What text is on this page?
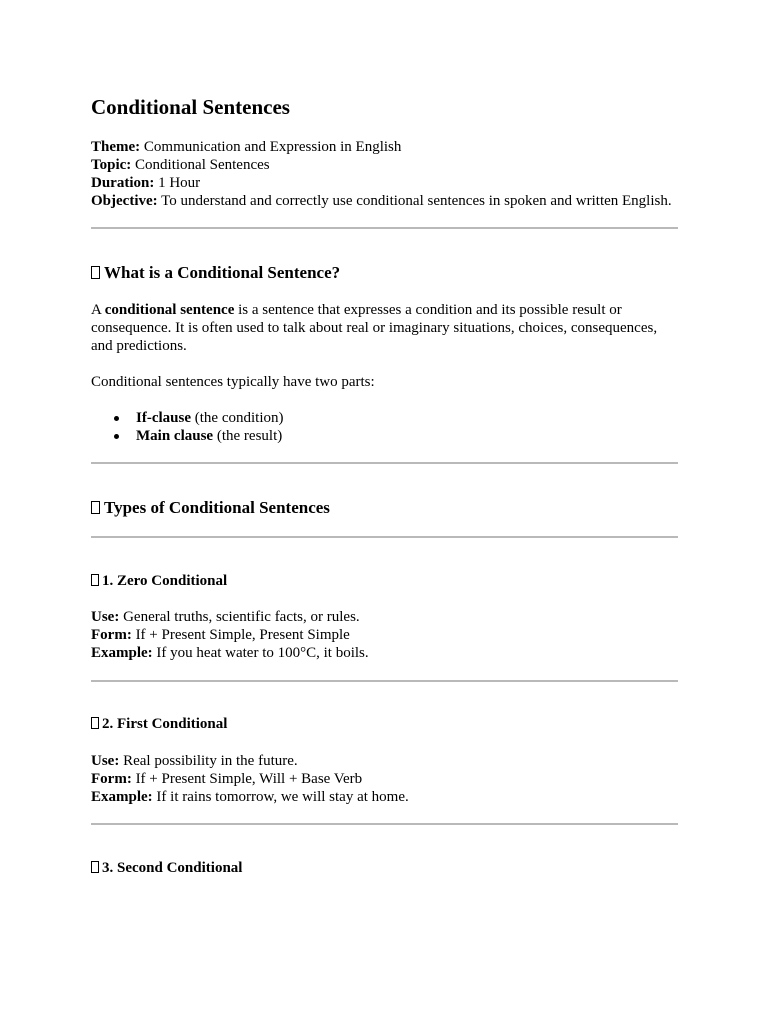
Conditional Sentences
Theme: Communication and Expression in English
Topic: Conditional Sentences
Duration: 1 Hour
Objective: To understand and correctly use conditional sentences in spoken and written English.
What is a Conditional Sentence?

A conditional sentence is a sentence that expresses a condition and its possible result or consequence. It is often used to talk about real or imaginary situations, choices, consequences, and predictions.

Conditional sentences typically have two parts:

If-clause (the condition)
Main clause (the result)
Types of Conditional Sentences
1. Zero Conditional
Use: General truths, scientific facts, or rules.
Form: If + Present Simple, Present Simple
Example: If you heat water to 100°C, it boils.
2. First Conditional
Use: Real possibility in the future.
Form: If + Present Simple, Will + Base Verb
Example: If it rains tomorrow, we will stay at home.
3. Second Conditional
